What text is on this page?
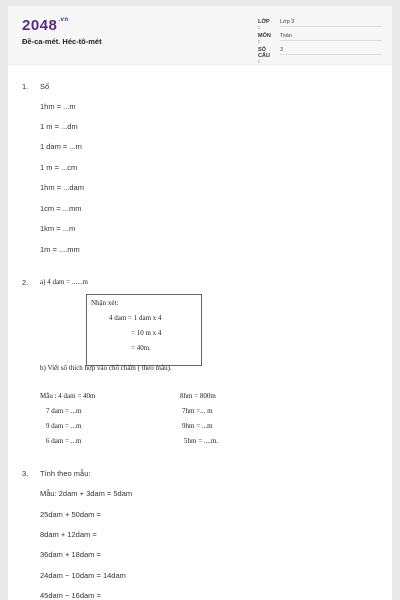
$2048^{.vn}$
Đề-ca-mét. Héc-tô-mét
LỚP :
Lớp 3
MÔN :
Toán
SỐ CÂU :
3
1. Số
1hm = ...m
1 m = ...dm
1 dam = ...m
1 m = ...cm
1hm = ...dam
1cm = ...mm
1km = ...m
1m = ....mm
2. a) 4 dam = ......m
Nhận xét:
4 dam = 1 dam x 4
= 10 m x 4
= 40m.
b) Viết số thích hợp vào chỗ chấm ( theo mẫu).
Mẫu : 4 dam = 40m
7 dam = ...m
9 dam = ...m
6 dam = ...m
8hm = 800m
7hm =... m
9hm = ...m
5hm = ....m.
3. Tính theo mẫu:
Mẫu: 2dam + 3dam = 5dam
25dam + 50dam =
8dam + 12dam =
36dam + 18dam =
24dam − 10dam = 14dam
45dam − 16dam =
